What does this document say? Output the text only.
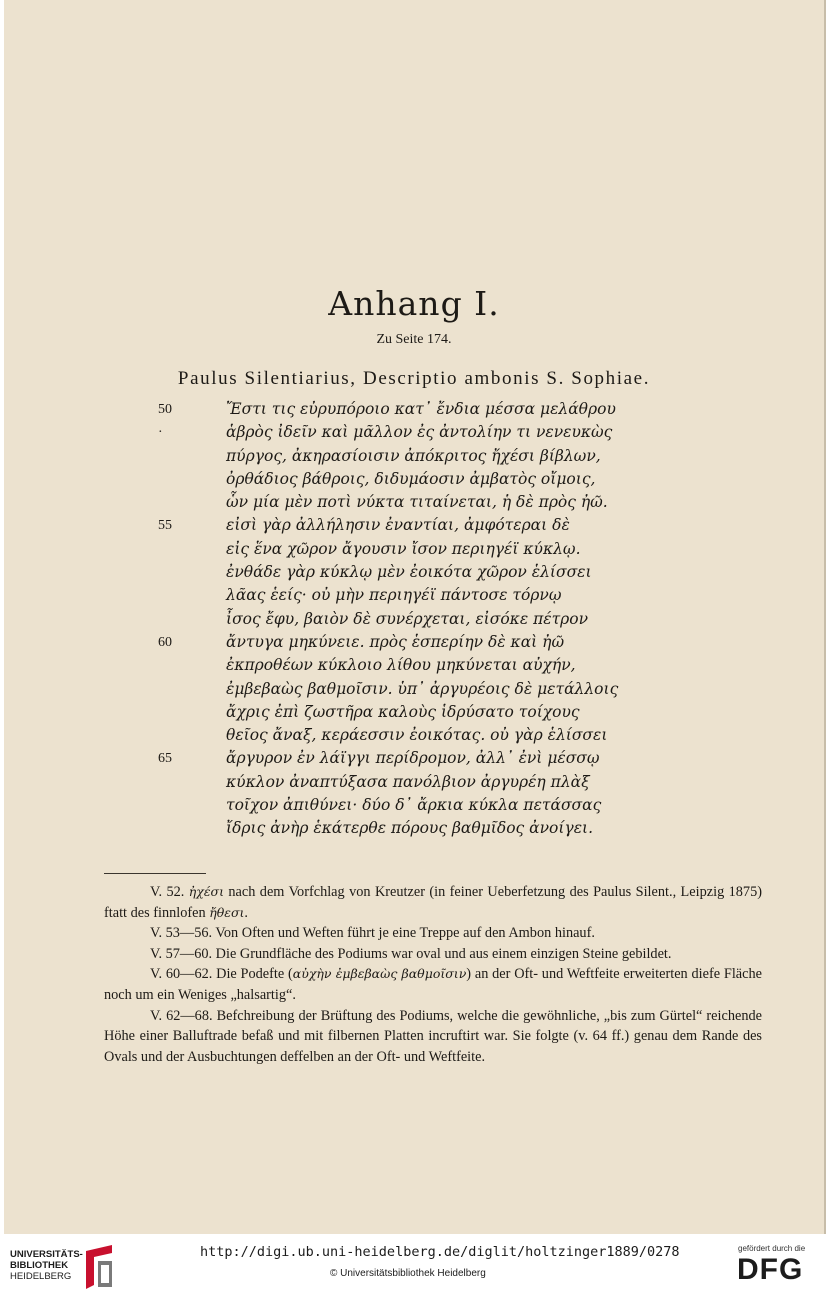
Anhang I.
Zu Seite 174.
Paulus Silentiarius, Descriptio ambonis S. Sophiae.
50	Ἔστι τις εὐρυπόροιο κατ᾽ ἔνδια μέσσα μελάθρου
·	ἁβρὸς ἰδεῖν καὶ μᾶλλον ἐς ἀντολίην τι νενευκὼς
πύργος, ἀκηρασίοισιν ἀπόκριτος ἤχέσι βίβλων,
ὀρθάδιος βάθροις, διδυμάοσιν ἀμβατὸς οἴμοις,
ὧν μία μὲν ποτὶ νύκτα τιταίνεται, ἡ δὲ πρὸς ἠῶ.
55	εἰσὶ γὰρ ἀλλήλησιν ἐναντίαι, ἀμφότεραι δὲ
εἰς ἕνα χῶρον ἄγουσιν ἴσον περιηγέϊ κύκλῳ.
ἐνθάδε γὰρ κύκλῳ μὲν ἐοικότα χῶρον ἑλίσσει
λᾶας ἑείς· οὐ μὴν περιηγέϊ πάντοσε τόρνῳ
ἶσος ἔφυ, βαιὸν δὲ συνέρχεται, εἰσόκε πέτρον
60	ἄντυγα μηκύνειε. πρὸς ἑσπερίην δὲ καὶ ἠῶ
ἐκπροθέων κύκλοιο λίθου μηκύνεται αὐχήν,
ἐμβεβαὼς βαθμοῖσιν. ὑπ᾽ ἀργυρέοις δὲ μετάλλοις
ἄχρις ἐπὶ ζωστῆρα καλοὺς ἱδρύσατο τοίχους
θεῖος ἄναξ, κεράεσσιν ἐοικότας. οὐ γὰρ ἑλίσσει
65	ἄργυρον ἐν λάϊγγι περίδρομον, ἀλλ᾽ ἐνὶ μέσσῳ
κύκλον ἀναπτύξασα πανόλβιον ἀργυρέη πλὰξ
τοῖχον ἀπιθύνει· δύο δ᾽ ἄρκια κύκλα πετάσσας
ἴδρις ἀνὴρ ἑκάτερθε πόρους βαθμῖδος ἀνοίγει.

V. 52. ἠχέσι nach dem Vorfchlag von Kreutzer (in feiner Ueberfetzung des Paulus Silent., Leipzig 1875) ftatt des finnlofen ἤθεσι.

V. 53—56. Von Often und Weften führt je eine Treppe auf den Ambon hinauf.

V. 57—60. Die Grundfläche des Podiums war oval und aus einem einzigen Steine gebildet.

V. 60—62. Die Podefte (αὐχὴν ἐμβεβαὼς βαθμοῖσιν) an der Oft- und Weftfeite erweiterten diefe Fläche noch um ein Weniges „halsartig“.

V. 62—68. Befchreibung der Brüftung des Podiums, welche die gewöhnliche, „bis zum Gürtel“ reichende Höhe einer Balluftrade befaß und mit filbernen Platten incruftirt war. Sie folgte (v. 64 ff.) genau dem Rande des Ovals und der Ausbuchtungen deffelben an der Oft- und Weftfeite.

UNIVERSITÄTS-
BIBLIOTHEK
HEIDELBERG
http://digi.ub.uni-heidelberg.de/diglit/holtzinger1889/0278
© Universitätsbibliothek Heidelberg
gefördert durch die
DFG
